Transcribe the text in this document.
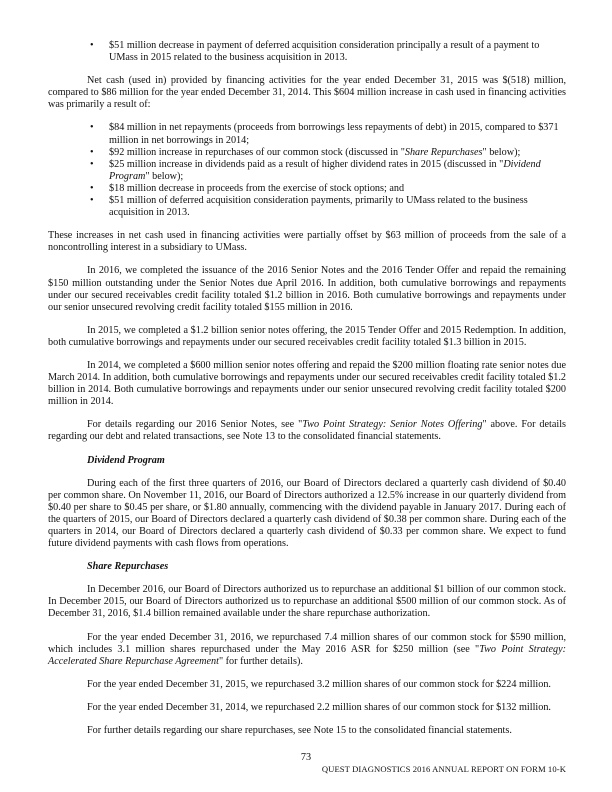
• $51 million decrease in payment of deferred acquisition consideration principally a result of a payment to UMass in 2015 related to the business acquisition in 2013.

Net cash (used in) provided by financing activities for the year ended December 31, 2015 was $(518) million, compared to $86 million for the year ended December 31, 2014. This $604 million increase in cash used in financing activities was primarily a result of:

• $84 million in net repayments (proceeds from borrowings less repayments of debt) in 2015, compared to $371 million in net borrowings in 2014;
• $92 million increase in repurchases of our common stock (discussed in "Share Repurchases" below);
• $25 million increase in dividends paid as a result of higher dividend rates in 2015 (discussed in "Dividend Program" below);
• $18 million decrease in proceeds from the exercise of stock options; and
• $51 million of deferred acquisition consideration payments, primarily to UMass related to the business acquisition in 2013.

These increases in net cash used in financing activities were partially offset by $63 million of proceeds from the sale of a noncontrolling interest in a subsidiary to UMass.

In 2016, we completed the issuance of the 2016 Senior Notes and the 2016 Tender Offer and repaid the remaining $150 million outstanding under the Senior Notes due April 2016. In addition, both cumulative borrowings and repayments under our secured receivables credit facility totaled $1.2 billion in 2016. Both cumulative borrowings and repayments under our senior unsecured revolving credit facility totaled $155 million in 2016.

In 2015, we completed a $1.2 billion senior notes offering, the 2015 Tender Offer and 2015 Redemption. In addition, both cumulative borrowings and repayments under our secured receivables credit facility totaled $1.3 billion in 2015.

In 2014, we completed a $600 million senior notes offering and repaid the $200 million floating rate senior notes due March 2014. In addition, both cumulative borrowings and repayments under our secured receivables credit facility totaled $1.2 billion in 2014. Both cumulative borrowings and repayments under our senior unsecured revolving credit facility totaled $200 million in 2014.

For details regarding our 2016 Senior Notes, see "Two Point Strategy: Senior Notes Offering" above. For details regarding our debt and related transactions, see Note 13 to the consolidated financial statements.

Dividend Program

During each of the first three quarters of 2016, our Board of Directors declared a quarterly cash dividend of $0.40 per common share. On November 11, 2016, our Board of Directors authorized a 12.5% increase in our quarterly dividend from $0.40 per share to $0.45 per share, or $1.80 annually, commencing with the dividend payable in January 2017. During each of the quarters of 2015, our Board of Directors declared a quarterly cash dividend of $0.38 per common share. During each of the quarters in 2014, our Board of Directors declared a quarterly cash dividend of $0.33 per common share. We expect to fund future dividend payments with cash flows from operations.

Share Repurchases

In December 2016, our Board of Directors authorized us to repurchase an additional $1 billion of our common stock. In December 2015, our Board of Directors authorized us to repurchase an additional $500 million of our common stock. As of December 31, 2016, $1.4 billion remained available under the share repurchase authorization.

For the year ended December 31, 2016, we repurchased 7.4 million shares of our common stock for $590 million, which includes 3.1 million shares repurchased under the May 2016 ASR for $250 million (see "Two Point Strategy: Accelerated Share Repurchase Agreement" for further details).

For the year ended December 31, 2015, we repurchased 3.2 million shares of our common stock for $224 million.

For the year ended December 31, 2014, we repurchased 2.2 million shares of our common stock for $132 million.

For further details regarding our share repurchases, see Note 15 to the consolidated financial statements.

73
QUEST DIAGNOSTICS 2016 ANNUAL REPORT ON FORM 10-K
